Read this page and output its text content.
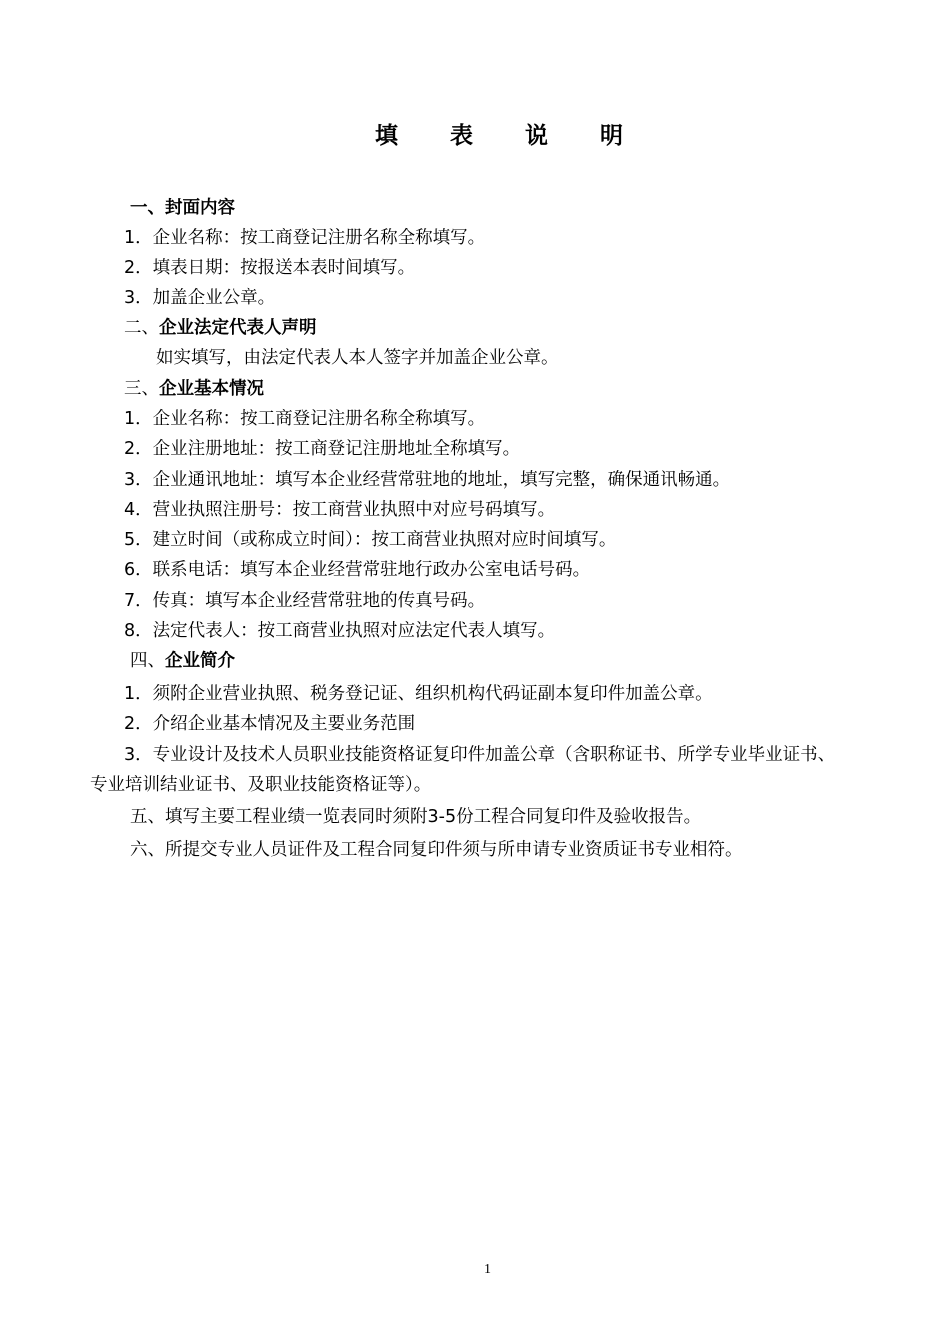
填 表 说 明
一、封面内容
1．企业名称：按工商登记注册名称全称填写。
2．填表日期：按报送本表时间填写。
3．加盖企业公章。
二、企业法定代表人声明
如实填写，由法定代表人本人签字并加盖企业公章。
三、企业基本情况
1．企业名称：按工商登记注册名称全称填写。
2．企业注册地址：按工商登记注册地址全称填写。
3．企业通讯地址：填写本企业经营常驻地的地址，填写完整，确保通讯畅通。
4．营业执照注册号：按工商营业执照中对应号码填写。
5．建立时间（或称成立时间）：按工商营业执照对应时间填写。
6．联系电话：填写本企业经营常驻地行政办公室电话号码。
7．传真：填写本企业经营常驻地的传真号码。
8．法定代表人：按工商营业执照对应法定代表人填写。
四、企业简介
1．须附企业营业执照、税务登记证、组织机构代码证副本复印件加盖公章。
2．介绍企业基本情况及主要业务范围
3．专业设计及技术人员职业技能资格证复印件加盖公章（含职称证书、所学专业毕业证书、
专业培训结业证书、及职业技能资格证等）。
五、填写主要工程业绩一览表同时须附3-5份工程合同复印件及验收报告。
六、所提交专业人员证件及工程合同复印件须与所申请专业资质证书专业相符。
1
